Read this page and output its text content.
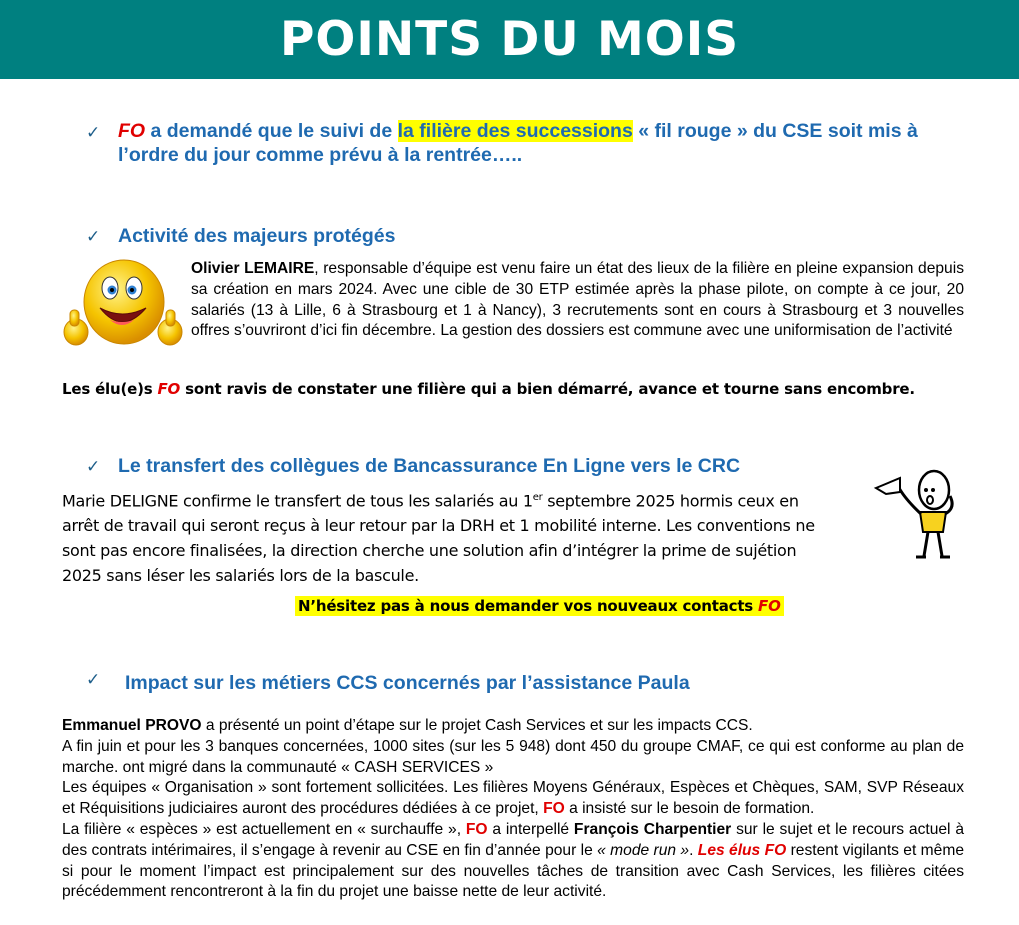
POINTS DU MOIS
✓ FO a demandé que le suivi de la filière des successions « fil rouge » du CSE soit mis à l’ordre du jour comme prévu à la rentrée…..
✓ Activité des majeurs protégés
Olivier LEMAIRE, responsable d’équipe est venu faire un état des lieux de la filière en pleine expansion depuis sa création en mars 2024. Avec une cible de 30 ETP estimée après la phase pilote, on compte à ce jour, 20 salariés (13 à Lille, 6 à Strasbourg et 1 à Nancy), 3 recrutements sont en cours à Strasbourg et 3 nouvelles offres s’ouvriront d’ici fin décembre. La gestion des dossiers est commune avec une uniformisation de l’activité
Les élu(e)s FO sont ravis de constater une filière qui a bien démarré, avance et tourne sans encombre.
✓ Le transfert des collègues de Bancassurance En Ligne vers le CRC
Marie DELIGNE confirme le transfert de tous les salariés au 1er septembre 2025 hormis ceux en arrêt de travail qui seront reçus à leur retour par la DRH et 1 mobilité interne. Les conventions ne sont pas encore finalisées, la direction cherche une solution afin d’intégrer la prime de sujétion 2025 sans léser les salariés lors de la bascule.
N’hésitez pas à nous demander vos nouveaux contacts FO
✓ Impact sur les métiers CCS concernés par l’assistance Paula
Emmanuel PROVO a présenté un point d’étape sur le projet Cash Services et sur les impacts CCS.
A fin juin et pour les 3 banques concernées, 1000 sites (sur les 5 948) dont 450 du groupe CMAF, ce qui est conforme au plan de marche. ont migré dans la communauté « CASH SERVICES »
Les équipes « Organisation » sont fortement sollicitées. Les filières Moyens Généraux, Espèces et Chèques, SAM, SVP Réseaux et Réquisitions judiciaires auront des procédures dédiées à ce projet, FO a insisté sur le besoin de formation.
La filière « espèces » est actuellement en « surchauffe », FO a interpellé François Charpentier sur le sujet et le recours actuel à des contrats intérimaires, il s’engage à revenir au CSE en fin d’année pour le « mode run ». Les élus FO restent vigilants et même si pour le moment l’impact est principalement sur des nouvelles tâches de transition avec Cash Services, les filières citées précédemment rencontreront à la fin du projet une baisse nette de leur activité.
